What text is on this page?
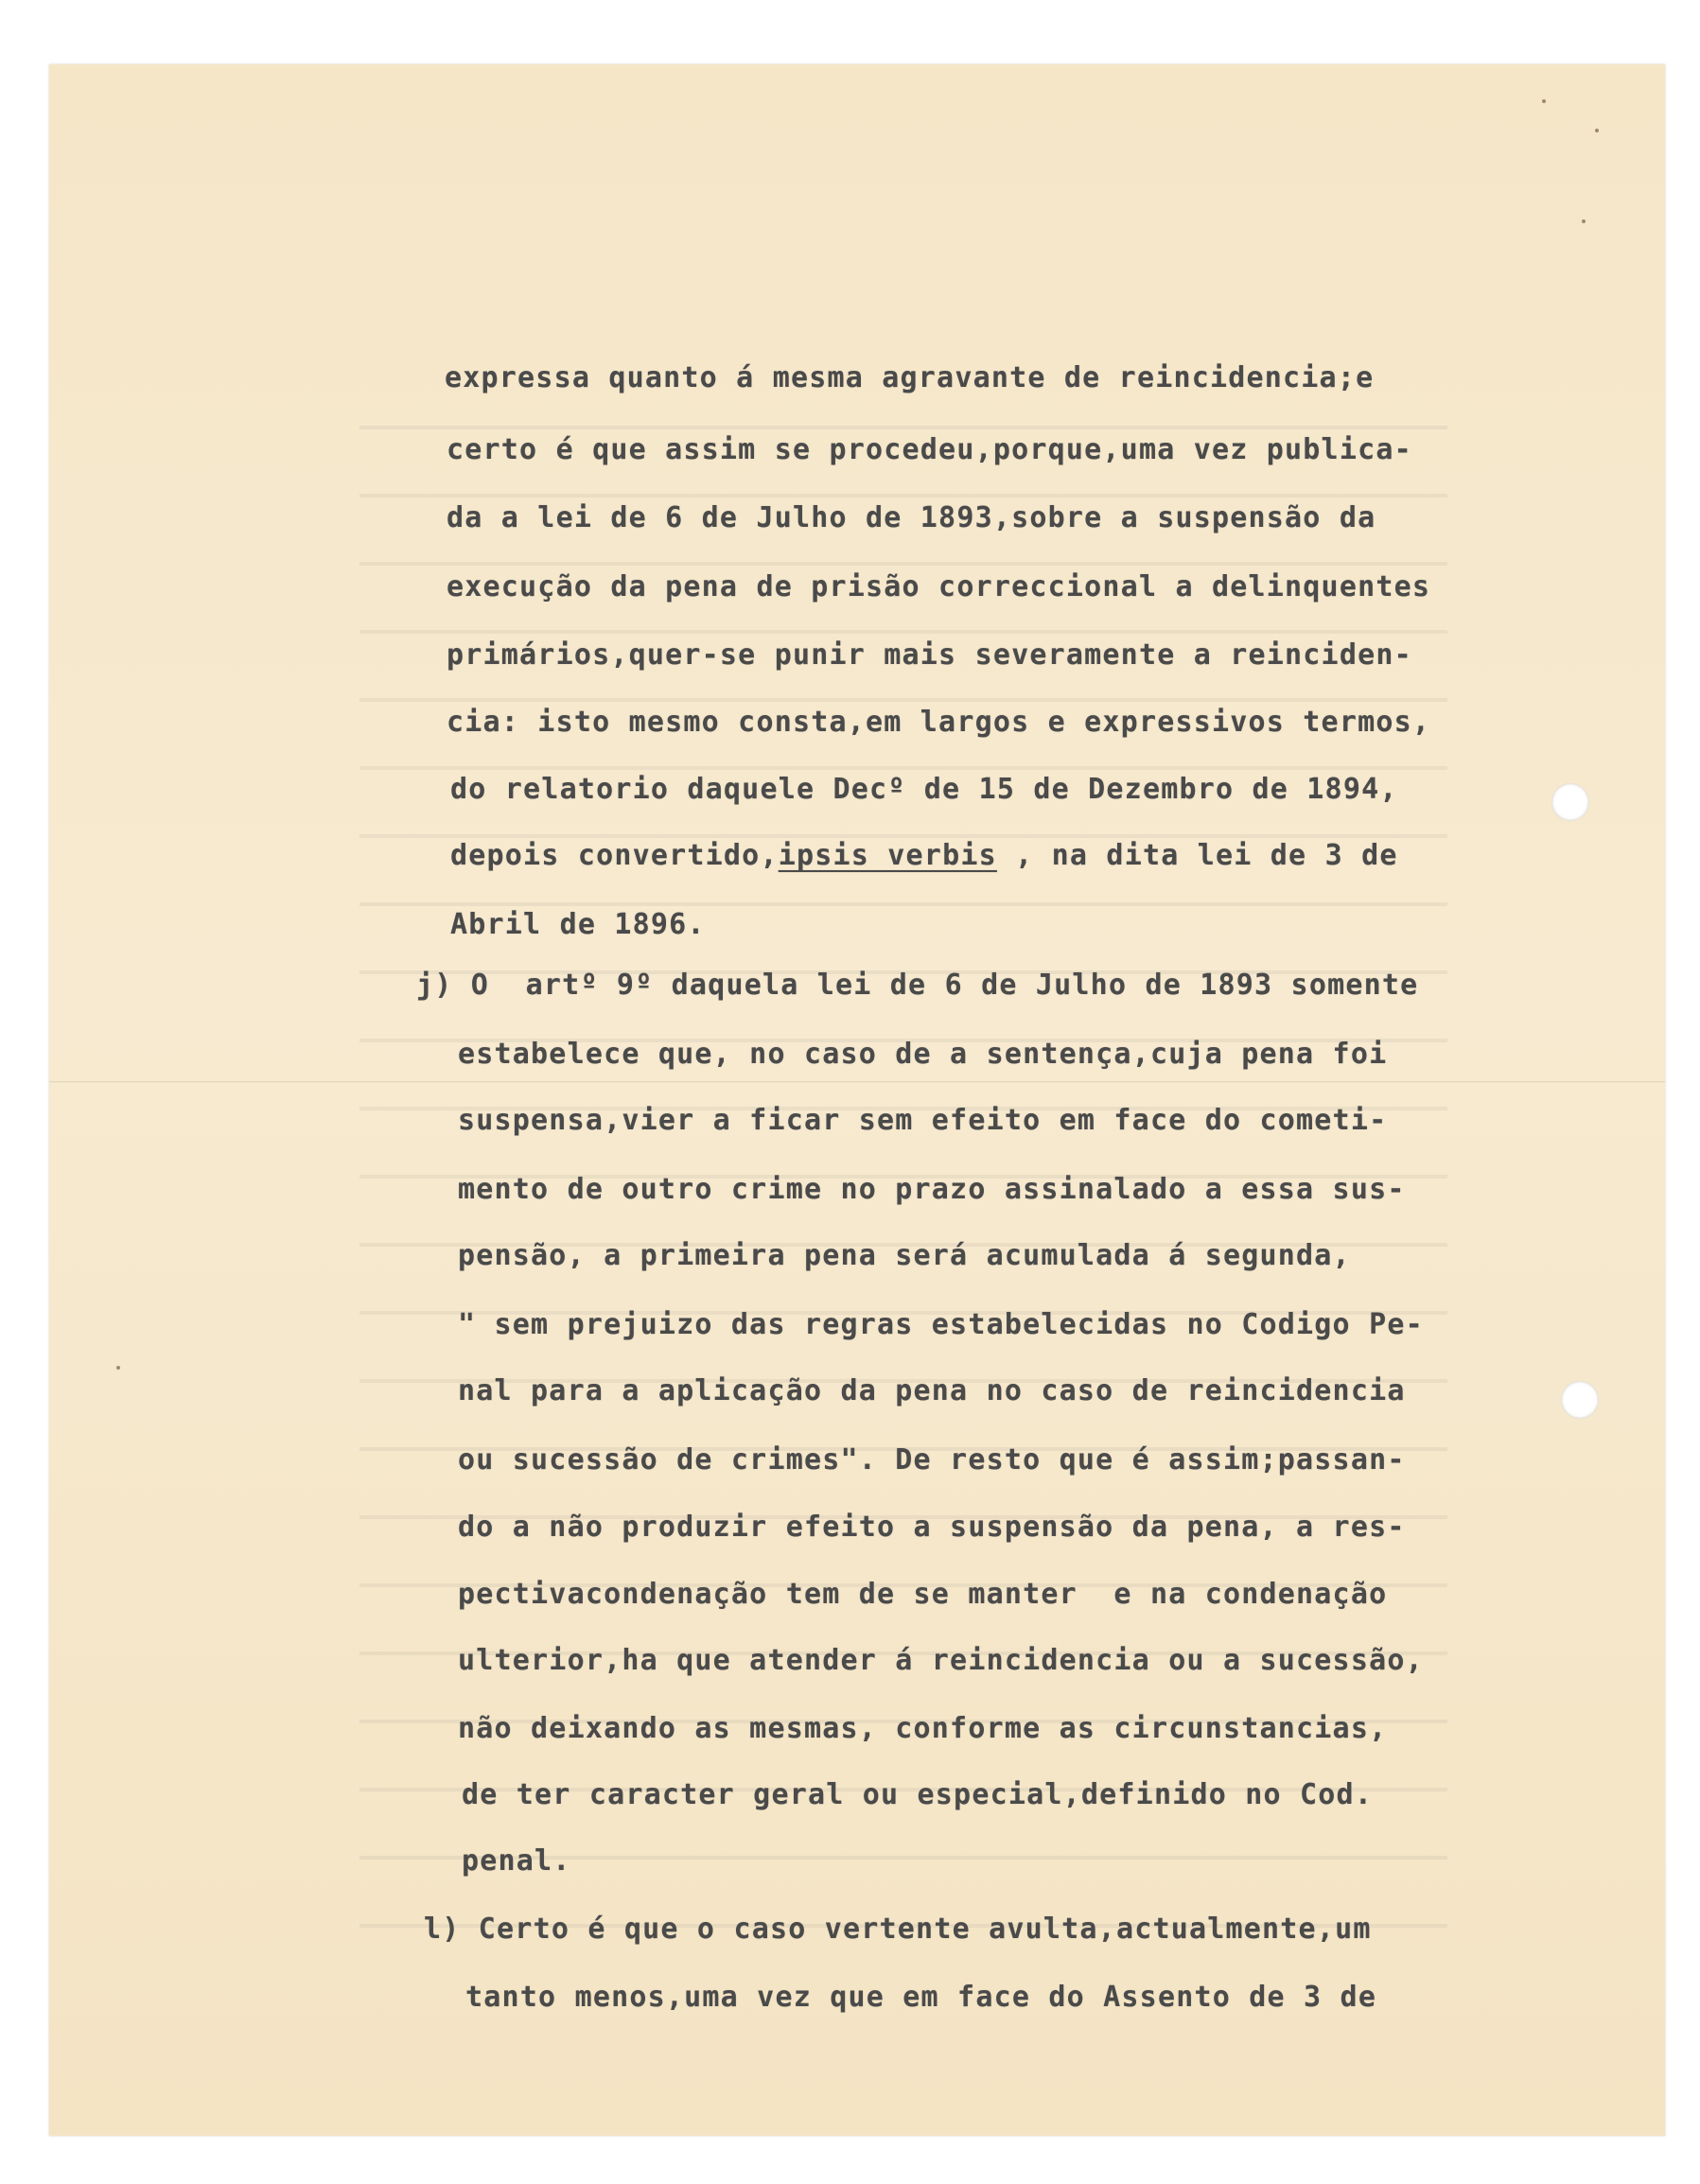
expressa quanto á mesma agravante de reincidencia;e
certo é que assim se procedeu,porque,uma vez publica-
da a lei de 6 de Julho de 1893,sobre a suspensão da
execução da pena de prisão correccional a delinquentes
primários,quer-se punir mais severamente a reinciden-
cia: isto mesmo consta,em largos e expressivos termos,
do relatorio daquele Decº de 15 de Dezembro de 1894,
depois convertido,ipsis verbis , na dita lei de 3 de
Abril de 1896.
j) O  artº 9º daquela lei de 6 de Julho de 1893 somente
estabelece que, no caso de a sentença,cuja pena foi
suspensa,vier a ficar sem efeito em face do cometi-
mento de outro crime no prazo assinalado a essa sus-
pensão, a primeira pena será acumulada á segunda,
" sem prejuizo das regras estabelecidas no Codigo Pe-
nal para a aplicação da pena no caso de reincidencia
ou sucessão de crimes". De resto que é assim;passan-
do a não produzir efeito a suspensão da pena, a res-
pectivacondenação tem de se manter  e na condenação
ulterior,ha que atender á reincidencia ou a sucessão,
não deixando as mesmas, conforme as circunstancias,
de ter caracter geral ou especial,definido no Cod.
penal.
l) Certo é que o caso vertente avulta,actualmente,um
tanto menos,uma vez que em face do Assento de 3 de
